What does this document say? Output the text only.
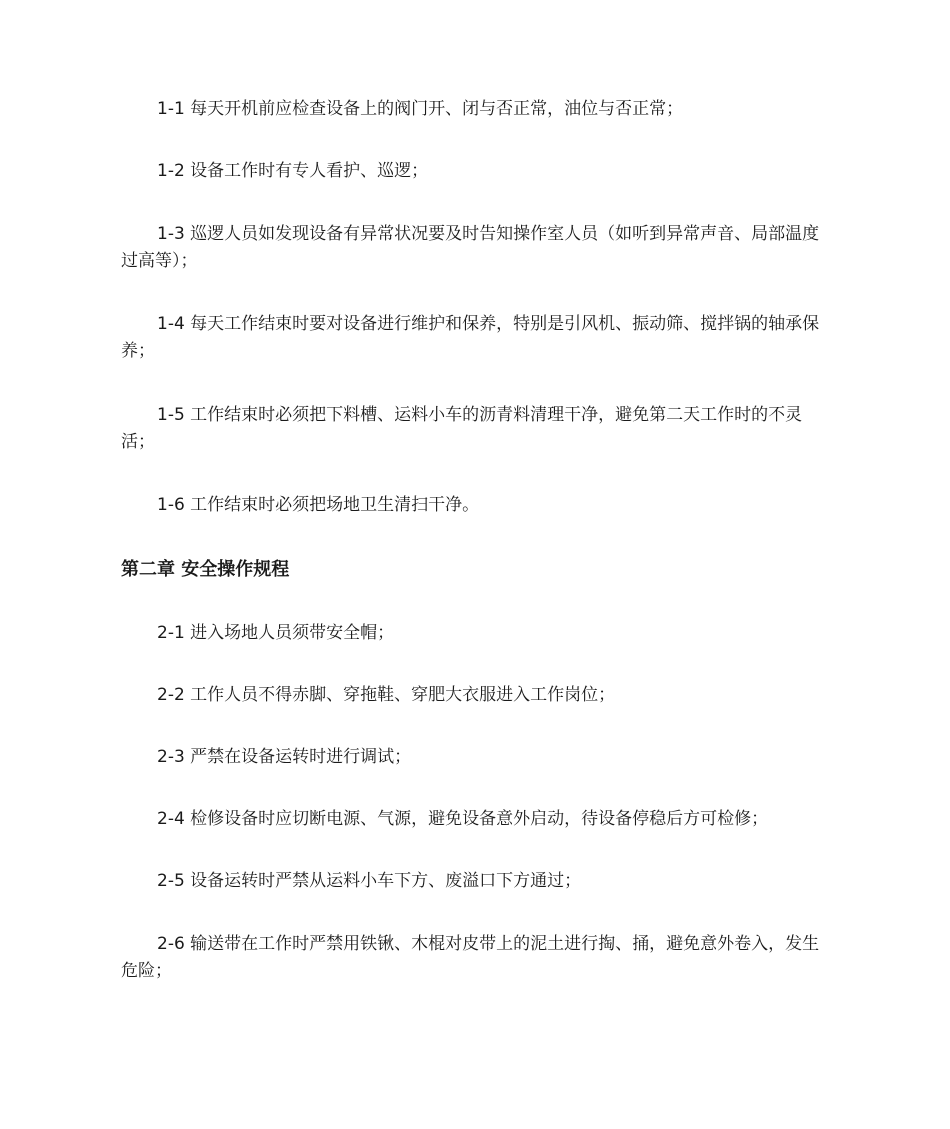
1-1 每天开机前应检查设备上的阀门开、闭与否正常，油位与否正常；

1-2 设备工作时有专人看护、巡逻；

1-3 巡逻人员如发现设备有异常状况要及时告知操作室人员（如听到异常声音、局部温度过高等）；

1-4 每天工作结束时要对设备进行维护和保养，特别是引风机、振动筛、搅拌锅的轴承保养；

1-5 工作结束时必须把下料槽、运料小车的沥青料清理干净，避免第二天工作时的不灵活；

1-6 工作结束时必须把场地卫生清扫干净。

第二章 安全操作规程

2-1 进入场地人员须带安全帽；

2-2 工作人员不得赤脚、穿拖鞋、穿肥大衣服进入工作岗位；

2-3 严禁在设备运转时进行调试；

2-4 检修设备时应切断电源、气源，避免设备意外启动，待设备停稳后方可检修；

2-5 设备运转时严禁从运料小车下方、废溢口下方通过；

2-6 输送带在工作时严禁用铁锹、木棍对皮带上的泥土进行掏、捅，避免意外卷入，发生危险；
